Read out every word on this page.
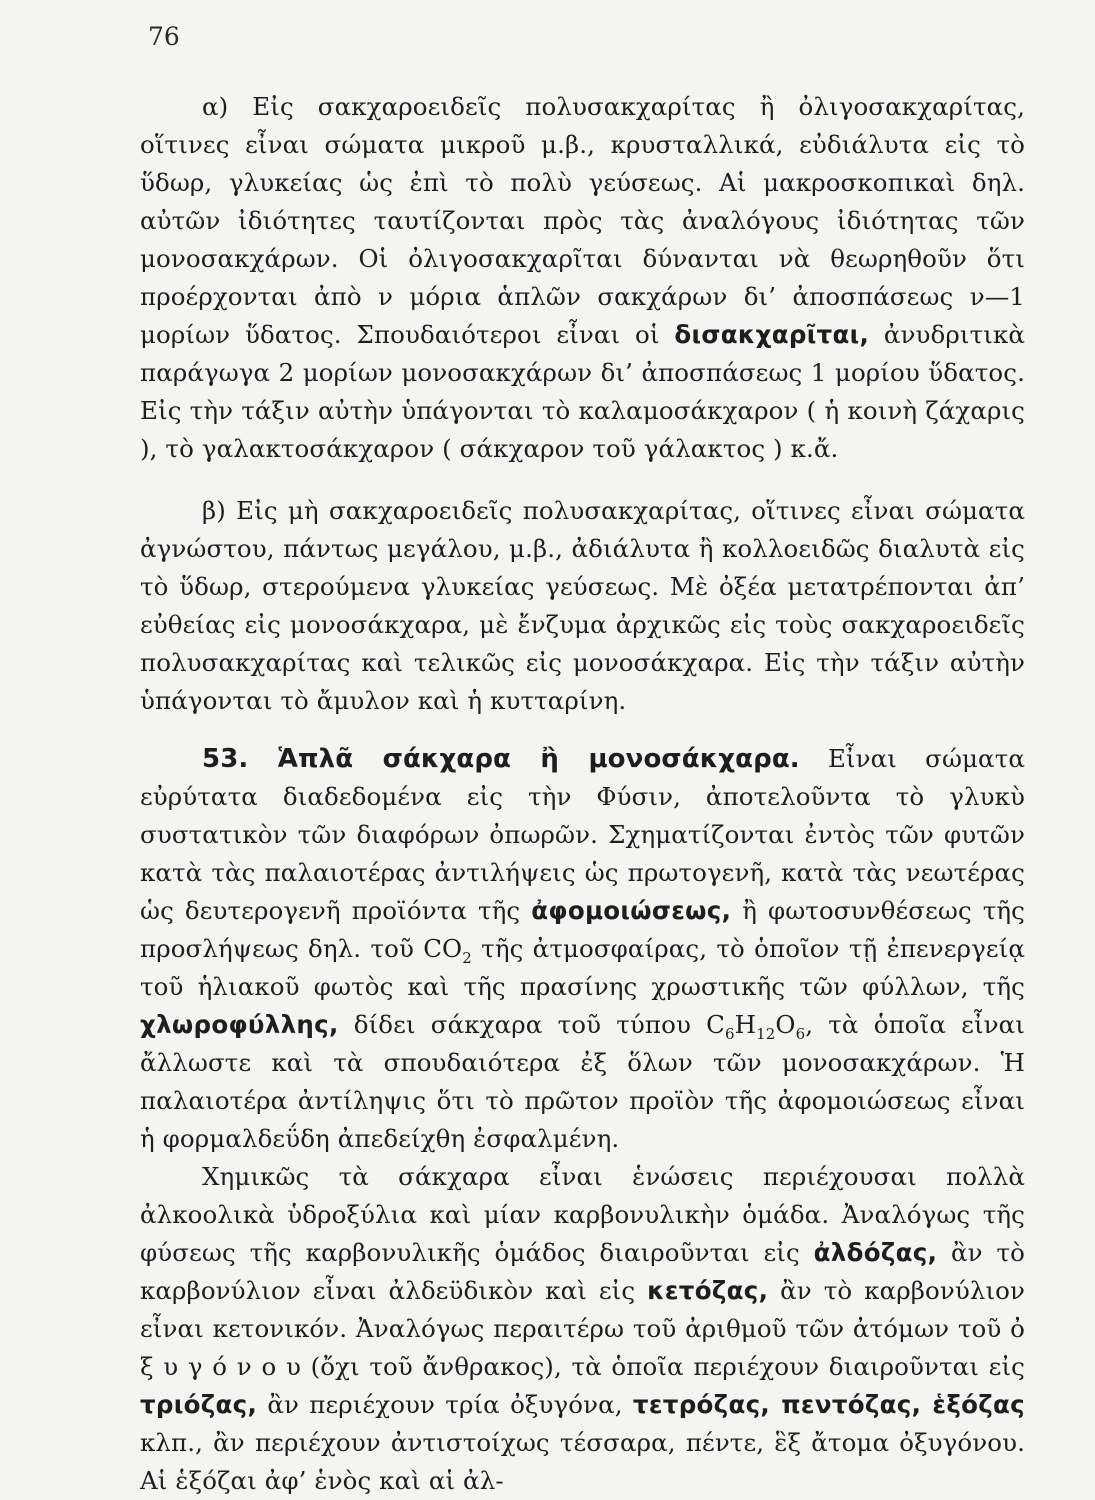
76

α) Εἰς σακχαροειδεῖς πολυσακχαρίτας ἢ ὀλιγοσακχαρίτας, οἵτινες εἶναι σώματα μικροῦ μ.β., κρυσταλλικά, εὐδιάλυτα εἰς τὸ ὕδωρ, γλυκείας ὡς ἐπὶ τὸ πολὺ γεύσεως. Αἱ μακροσκοπικαὶ δηλ. αὐτῶν ἰδιότητες ταυτίζονται πρὸς τὰς ἀναλόγους ἰδιότητας τῶν μονοσακχάρων. Οἱ ὀλιγοσακχαρῖται δύνανται νὰ θεωρηθοῦν ὅτι προέρχονται ἀπὸ ν μόρια ἁπλῶν σακχάρων δι’ ἀποσπάσεως ν—1 μορίων ὕδατος. Σπουδαιότεροι εἶναι οἱ δισακχαρῖται, ἀνυδριτικὰ παράγωγα 2 μορίων μονοσακχάρων δι’ ἀποσπάσεως 1 μορίου ὕδατος. Εἰς τὴν τάξιν αὐτὴν ὑπάγονται τὸ καλαμοσάκχαρον ( ἡ κοινὴ ζάχαρις ), τὸ γαλακτοσάκχαρον ( σάκχαρον τοῦ γάλακτος ) κ.ἄ.

β) Εἰς μὴ σακχαροειδεῖς πολυσακχαρίτας, οἵτινες εἶναι σώματα ἀγνώστου, πάντως μεγάλου, μ.β., ἀδιάλυτα ἢ κολλοειδῶς διαλυτὰ εἰς τὸ ὕδωρ, στερούμενα γλυκείας γεύσεως. Μὲ ὀξέα μετατρέπονται ἀπ’ εὐθείας εἰς μονοσάκχαρα, μὲ ἔνζυμα ἀρχικῶς εἰς τοὺς σακχαροειδεῖς πολυσακχαρίτας καὶ τελικῶς εἰς μονοσάκχαρα. Εἰς τὴν τάξιν αὐτὴν ὑπάγονται τὸ ἄμυλον καὶ ἡ κυτταρίνη.

53. Ἁπλᾶ σάκχαρα ἢ μονοσάκχαρα. Εἶναι σώματα εὐρύτατα διαδεδομένα εἰς τὴν Φύσιν, ἀποτελοῦντα τὸ γλυκὺ συστατικὸν τῶν διαφόρων ὀπωρῶν. Σχηματίζονται ἐντὸς τῶν φυτῶν κατὰ τὰς παλαιοτέρας ἀντιλήψεις ὡς πρωτογενῆ, κατὰ τὰς νεωτέρας ὡς δευτερογενῆ προϊόντα τῆς ἀφομοιώσεως, ἢ φωτοσυνθέσεως τῆς προσλήψεως δηλ. τοῦ $CO_2$ τῆς ἀτμοσφαίρας, τὸ ὁποῖον τῇ ἐπενεργείᾳ τοῦ ἡλιακοῦ φωτὸς καὶ τῆς πρασίνης χρωστικῆς τῶν φύλλων, τῆς χλωροφύλλης, δίδει σάκχαρα τοῦ τύπου $C_6H_{12}O_6$, τὰ ὁποῖα εἶναι ἄλλωστε καὶ τὰ σπουδαιότερα ἐξ ὅλων τῶν μονοσακχάρων. Ἡ παλαιοτέρα ἀντίληψις ὅτι τὸ πρῶτον προϊὸν τῆς ἀφομοιώσεως εἶναι ἡ φορμαλδεΰδη ἀπεδείχθη ἐσφαλμένη.

Χημικῶς τὰ σάκχαρα εἶναι ἑνώσεις περιέχουσαι πολλὰ ἀλκοολικὰ ὑδροξύλια καὶ μίαν καρβονυλικὴν ὁμάδα. Ἀναλόγως τῆς φύσεως τῆς καρβονυλικῆς ὁμάδος διαιροῦνται εἰς ἀλδόζας, ἂν τὸ καρβονύλιον εἶναι ἀλδεϋδικὸν καὶ εἰς κετόζας, ἂν τὸ καρβονύλιον εἶναι κετονικόν. Ἀναλόγως περαιτέρω τοῦ ἀριθμοῦ τῶν ἀτόμων τοῦ ὀ ξ υ γ ό ν ο υ (ὄχι τοῦ ἄνθρακος), τὰ ὁποῖα περιέχουν διαιροῦνται εἰς τριόζας, ἂν περιέχουν τρία ὀξυγόνα, τετρόζας, πεντόζας, ἑξόζας κλπ., ἂν περιέχουν ἀντιστοίχως τέσσαρα, πέντε, ἓξ ἄτομα ὀξυγόνου. Αἱ ἑξόζαι ἀφ’ ἑνὸς καὶ αἱ ἀλ-
